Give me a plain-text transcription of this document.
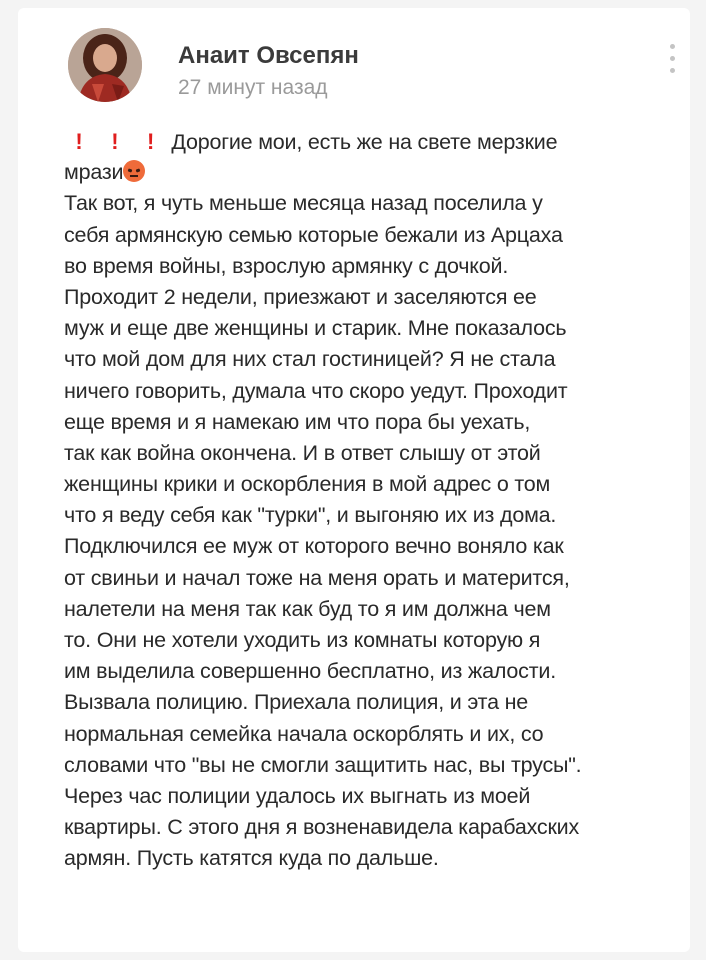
Анаит Овсепян
27 минут назад
! ! ! Дорогие мои, есть же на свете мерзкие
мрази
Так вот, я чуть меньше месяца назад поселила у
себя армянскую семью которые бежали из Арцаха
во время войны, взрослую армянку с дочкой.
Проходит 2 недели, приезжают и заселяются ее
муж и еще две женщины и старик. Мне показалось
что мой дом для них стал гостиницей? Я не стала
ничего говорить, думала что скоро уедут. Проходит
еще время и я намекаю им что пора бы уехать,
так как война окончена. И в ответ слышу от этой
женщины крики и оскорбления в мой адрес о том
что я веду себя как "турки", и выгоняю их из дома.
Подключился ее муж от которого вечно воняло как
от свиньи и начал тоже на меня орать и матерится,
налетели на меня так как буд то я им должна чем
то. Они не хотели уходить из комнаты которую я
им выделила совершенно бесплатно, из жалости.
Вызвала полицию. Приехала полиция, и эта не
нормальная семейка начала оскорблять и их, со
словами что "вы не смогли защитить нас, вы трусы".
Через час полиции удалось их выгнать из моей
квартиры. С этого дня я возненавидела карабахских
армян. Пусть катятся куда по дальше.
